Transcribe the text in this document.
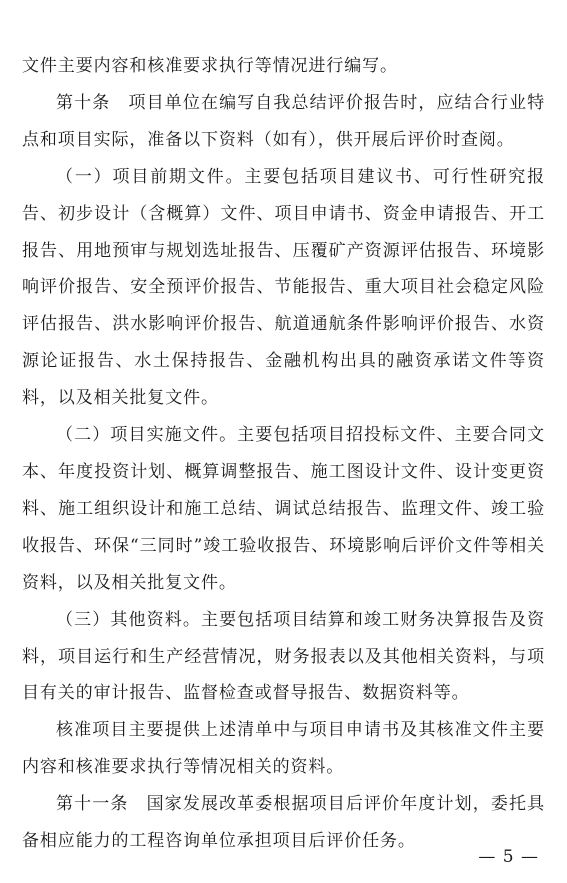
文件主要内容和核准要求执行等情况进行编写。

第十条　项目单位在编写自我总结评价报告时，应结合行业特点和项目实际，准备以下资料（如有），供开展后评价时查阅。

（一）项目前期文件。主要包括项目建议书、可行性研究报告、初步设计（含概算）文件、项目申请书、资金申请报告、开工报告、用地预审与规划选址报告、压覆矿产资源评估报告、环境影响评价报告、安全预评价报告、节能报告、重大项目社会稳定风险评估报告、洪水影响评价报告、航道通航条件影响评价报告、水资源论证报告、水土保持报告、金融机构出具的融资承诺文件等资料，以及相关批复文件。

（二）项目实施文件。主要包括项目招投标文件、主要合同文本、年度投资计划、概算调整报告、施工图设计文件、设计变更资料、施工组织设计和施工总结、调试总结报告、监理文件、竣工验收报告、环保“三同时”竣工验收报告、环境影响后评价文件等相关资料，以及相关批复文件。

（三）其他资料。主要包括项目结算和竣工财务决算报告及资料，项目运行和生产经营情况，财务报表以及其他相关资料，与项目有关的审计报告、监督检查或督导报告、数据资料等。

核准项目主要提供上述清单中与项目申请书及其核准文件主要内容和核准要求执行等情况相关的资料。

第十一条　国家发展改革委根据项目后评价年度计划，委托具备相应能力的工程咨询单位承担项目后评价任务。

— 5 —
